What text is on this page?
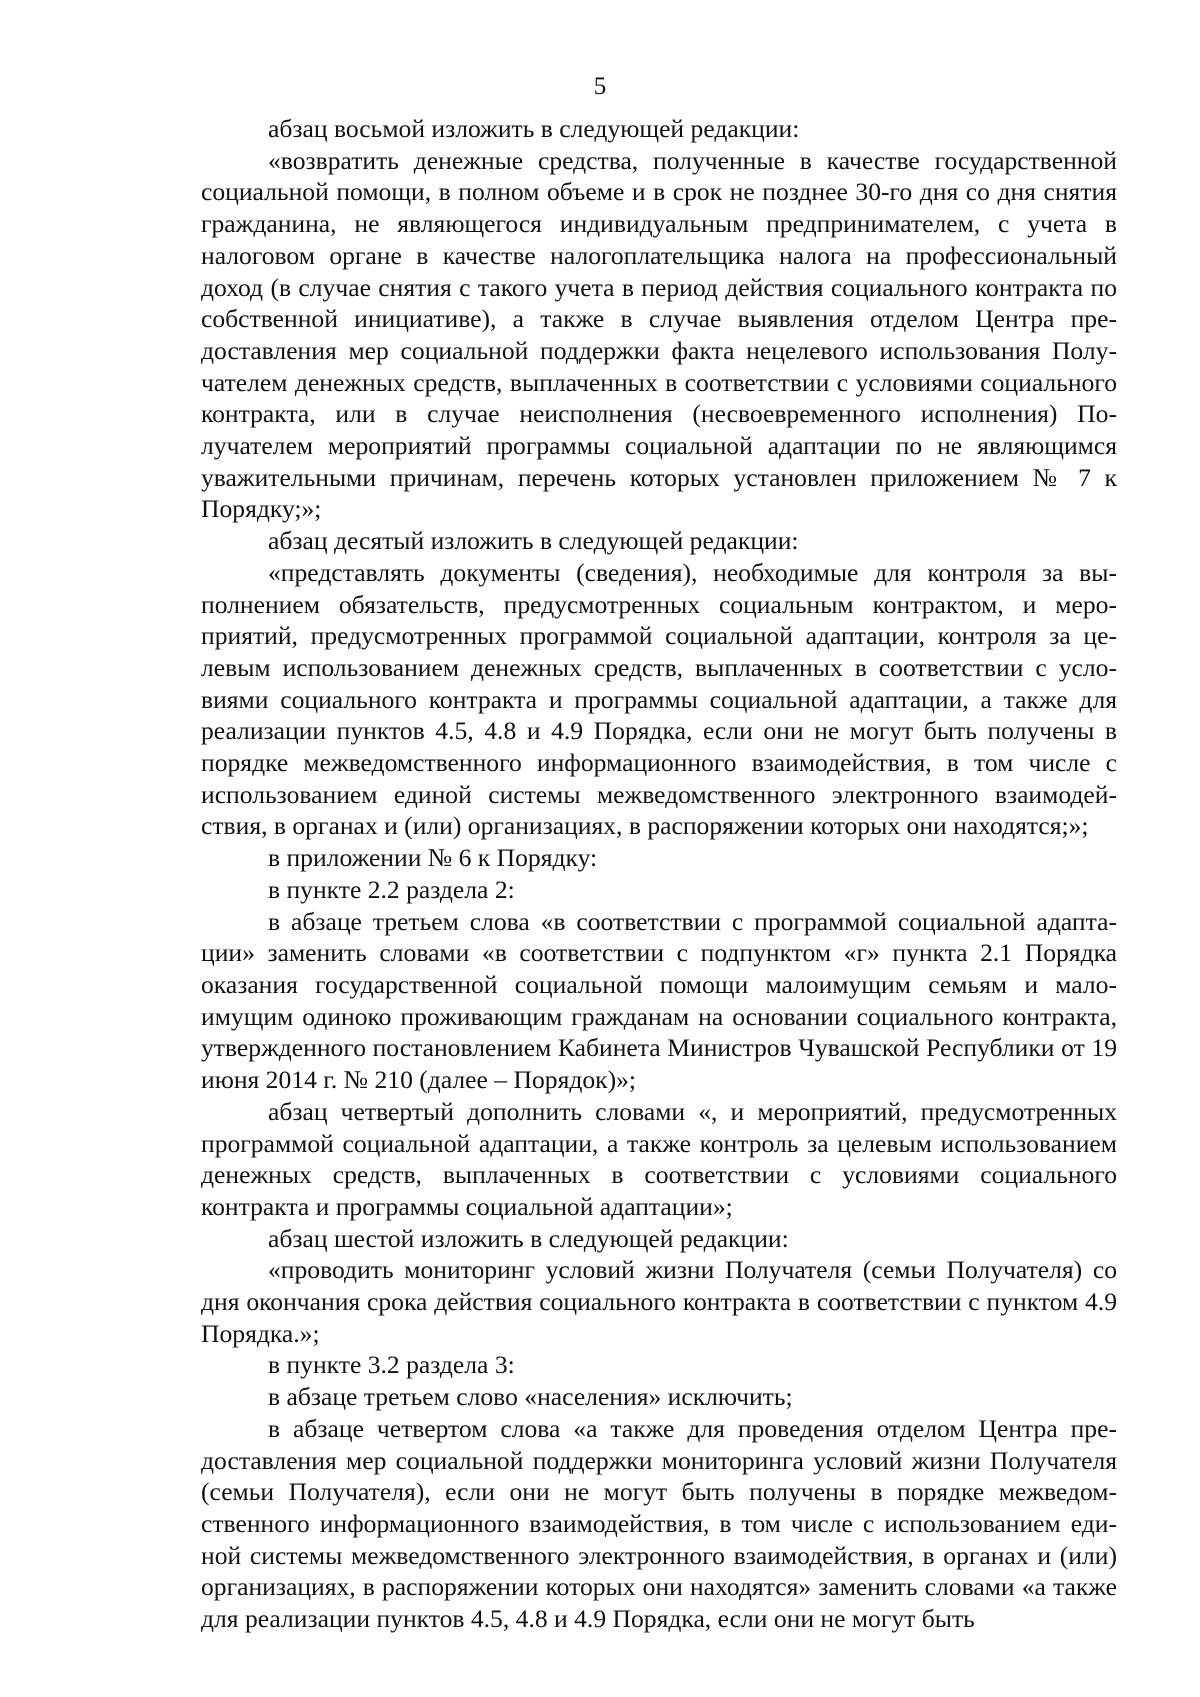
5

абзац восьмой изложить в следующей редакции:

«возвратить денежные средства, полученные в качестве государственной социальной помощи, в полном объеме и в срок не позднее 30-го дня со дня снятия гражданина, не являющегося индивидуальным предпринимателем, с учета в налоговом органе в качестве налогоплательщика налога на профессиональный доход (в случае снятия с такого учета в период действия социального контракта по собственной инициативе), а также в случае выявления отделом Центра предоставления мер социальной поддержки факта нецелевого использования Получателем денежных средств, выплаченных в соответствии с условиями социального контракта, или в случае неисполнения (несвоевременного исполнения) Получателем мероприятий программы социальной адаптации по не являющимся уважительными причинам, перечень которых установлен приложением № 7 к Порядку;»;

абзац десятый изложить в следующей редакции:

«представлять документы (сведения), необходимые для контроля за выполнением обязательств, предусмотренных социальным контрактом, и мероприятий, предусмотренных программой социальной адаптации, контроля за целевым использованием денежных средств, выплаченных в соответствии с условиями социального контракта и программы социальной адаптации, а также для реализации пунктов 4.5, 4.8 и 4.9 Порядка, если они не могут быть получены в порядке межведомственного информационного взаимодействия, в том числе с использованием единой системы межведомственного электронного взаимодействия, в органах и (или) организациях, в распоряжении которых они находятся;»;

в приложении № 6 к Порядку:

в пункте 2.2 раздела 2:

в абзаце третьем слова «в соответствии с программой социальной адаптации» заменить словами «в соответствии с подпунктом «г» пункта 2.1 Порядка оказания государственной социальной помощи малоимущим семьям и малоимущим одиноко проживающим гражданам на основании социального контракта, утвержденного постановлением Кабинета Министров Чувашской Республики от 19 июня 2014 г. № 210 (далее – Порядок)»;

абзац четвертый дополнить словами «, и мероприятий, предусмотренных программой социальной адаптации, а также контроль за целевым использованием денежных средств, выплаченных в соответствии с условиями социального контракта и программы социальной адаптации»;

абзац шестой изложить в следующей редакции:

«проводить мониторинг условий жизни Получателя (семьи Получателя) со дня окончания срока действия социального контракта в соответствии с пунктом 4.9 Порядка.»;

в пункте 3.2 раздела 3:

в абзаце третьем слово «населения» исключить;

в абзаце четвертом слова «а также для проведения отделом Центра предоставления мер социальной поддержки мониторинга условий жизни Получателя (семьи Получателя), если они не могут быть получены в порядке межведомственного информационного взаимодействия, в том числе с использованием единой системы межведомственного электронного взаимодействия, в органах и (или) организациях, в распоряжении которых они находятся» заменить словами «а также для реализации пунктов 4.5, 4.8 и 4.9 Порядка, если они не могут быть
